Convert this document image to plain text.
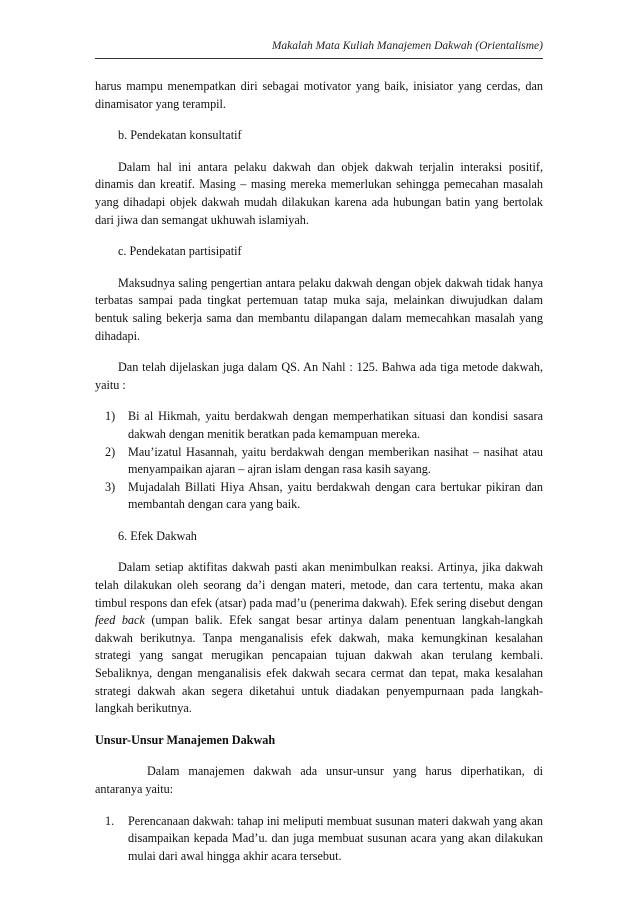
Makalah Mata Kuliah Manajemen Dakwah (Orientalisme)

harus mampu menempatkan diri sebagai motivator yang baik, inisiator yang cerdas, dan dinamisator yang terampil.

b. Pendekatan konsultatif

Dalam hal ini antara pelaku dakwah dan objek dakwah terjalin interaksi positif, dinamis dan kreatif. Masing – masing mereka memerlukan sehingga pemecahan masalah yang dihadapi objek dakwah mudah dilakukan karena ada hubungan batin yang bertolak dari jiwa dan semangat ukhuwah islamiyah.

c. Pendekatan partisipatif

Maksudnya saling pengertian antara pelaku dakwah dengan objek dakwah tidak hanya terbatas sampai pada tingkat pertemuan tatap muka saja, melainkan diwujudkan dalam bentuk saling bekerja sama dan membantu dilapangan dalam memecahkan masalah yang dihadapi.

Dan telah dijelaskan juga dalam QS. An Nahl : 125. Bahwa ada tiga metode dakwah, yaitu :

1) Bi al Hikmah, yaitu berdakwah dengan memperhatikan situasi dan kondisi sasara dakwah dengan menitik beratkan pada kemampuan mereka.
2) Mau’izatul Hasannah, yaitu berdakwah dengan memberikan nasihat – nasihat atau menyampaikan ajaran – ajran islam dengan rasa kasih sayang.
3) Mujadalah Billati Hiya Ahsan, yaitu berdakwah dengan cara bertukar pikiran dan membantah dengan cara yang baik.

6. Efek Dakwah

Dalam setiap aktifitas dakwah pasti akan menimbulkan reaksi. Artinya, jika dakwah telah dilakukan oleh seorang da’i dengan materi, metode, dan cara tertentu, maka akan timbul respons dan efek (atsar) pada mad’u (penerima dakwah). Efek sering disebut dengan feed back (umpan balik. Efek sangat besar artinya dalam penentuan langkah-langkah dakwah berikutnya. Tanpa menganalisis efek dakwah, maka kemungkinan kesalahan strategi yang sangat merugikan pencapaian tujuan dakwah akan terulang kembali. Sebaliknya, dengan menganalisis efek dakwah secara cermat dan tepat, maka kesalahan strategi dakwah akan segera diketahui untuk diadakan penyempurnaan pada langkah-langkah berikutnya.

Unsur-Unsur Manajemen Dakwah

Dalam manajemen dakwah ada unsur-unsur yang harus diperhatikan, di antaranya yaitu:

1. Perencanaan dakwah: tahap ini meliputi membuat susunan materi dakwah yang akan disampaikan kepada Mad’u. dan juga membuat susunan acara yang akan dilakukan mulai dari awal hingga akhir acara tersebut.
